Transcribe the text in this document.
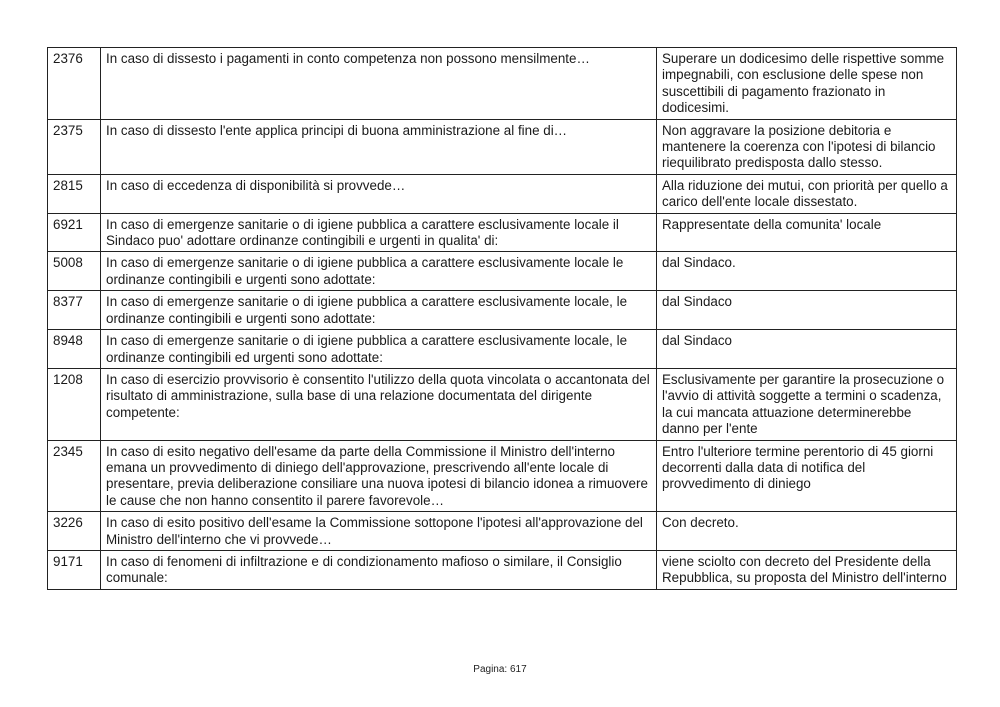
2376	In caso di dissesto i pagamenti in conto competenza non possono mensilmente…	Superare un dodicesimo delle rispettive somme impegnabili, con esclusione delle spese non suscettibili di pagamento frazionato in dodicesimi.
2375	In caso di dissesto l'ente applica principi di buona amministrazione al fine di…	Non aggravare la posizione debitoria e mantenere la coerenza con l'ipotesi di bilancio riequilibrato predisposta dallo stesso.
2815	In caso di eccedenza di disponibilità si provvede…	Alla riduzione dei mutui, con priorità per quello a carico dell'ente locale dissestato.
6921	In caso di emergenze sanitarie o di igiene pubblica a carattere esclusivamente locale il Sindaco puo' adottare ordinanze contingibili e urgenti in qualita' di:	Rappresentate della comunita' locale
5008	In caso di emergenze sanitarie o di igiene pubblica a carattere esclusivamente locale le ordinanze contingibili e urgenti sono adottate:	dal Sindaco.
8377	In caso di emergenze sanitarie o di igiene pubblica a carattere esclusivamente locale, le ordinanze contingibili e urgenti sono adottate:	dal Sindaco
8948	In caso di emergenze sanitarie o di igiene pubblica a carattere esclusivamente locale, le ordinanze contingibili ed urgenti sono adottate:	dal Sindaco
1208	In caso di esercizio provvisorio è consentito l'utilizzo della quota vincolata o accantonata del risultato di amministrazione, sulla base di una relazione documentata del dirigente competente:	Esclusivamente per garantire la prosecuzione o l'avvio di attività soggette a termini o scadenza, la cui mancata attuazione determinerebbe danno per l'ente
2345	In caso di esito negativo dell'esame da parte della Commissione il Ministro dell'interno emana un provvedimento di diniego dell'approvazione, prescrivendo all'ente locale di presentare, previa deliberazione consiliare una nuova ipotesi di bilancio idonea a rimuovere le cause che non hanno consentito il parere favorevole…	Entro l'ulteriore termine perentorio di 45 giorni decorrenti dalla data di notifica del provvedimento di diniego
3226	In caso di esito positivo dell'esame la Commissione sottopone l'ipotesi all'approvazione del Ministro dell'interno che vi provvede…	Con decreto.
9171	In caso di fenomeni di infiltrazione e di condizionamento mafioso o similare, il Consiglio comunale:	viene sciolto con decreto del Presidente della Repubblica, su proposta del Ministro dell'interno
Pagina: 617
